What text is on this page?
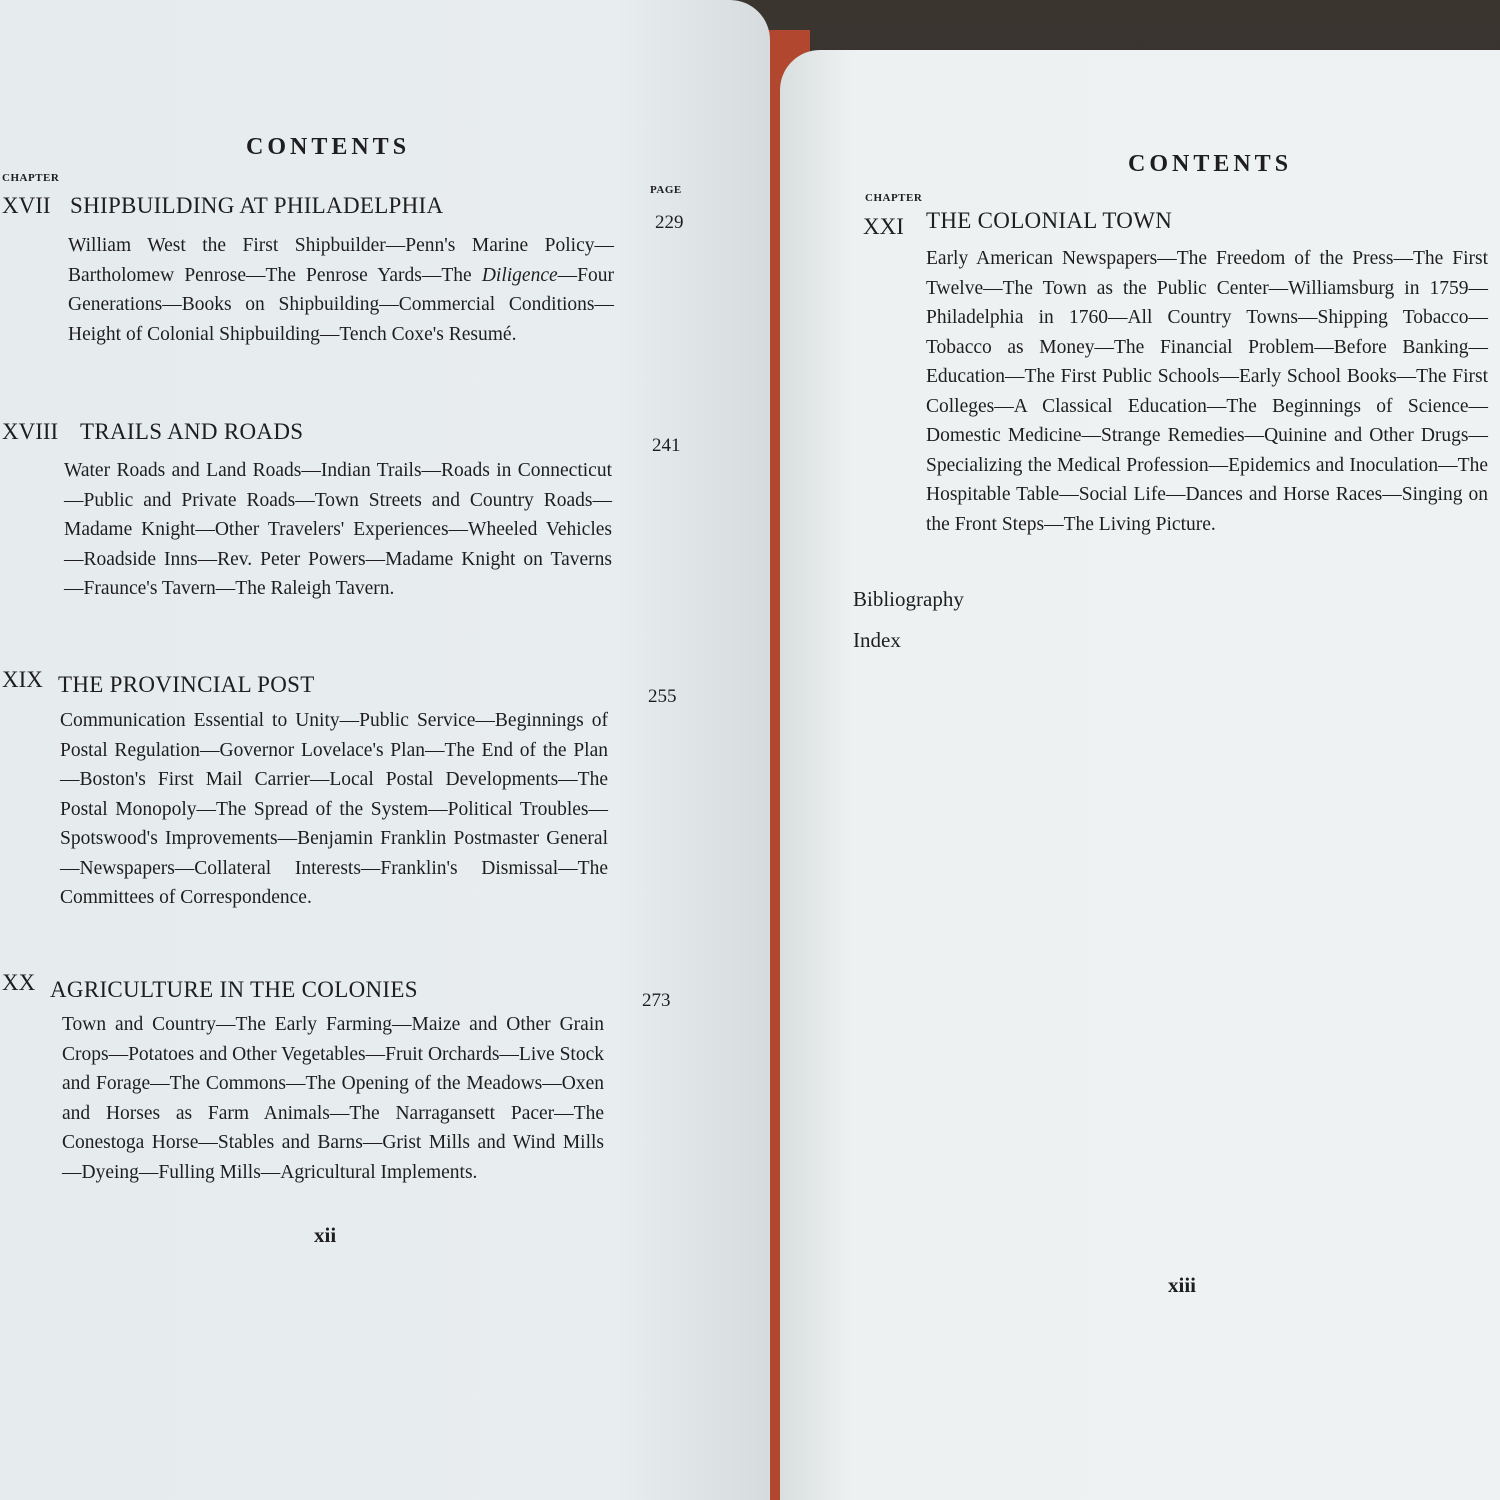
CONTENTS
CHAPTER
PAGE
XVII SHIPBUILDING AT PHILADELPHIA
229
William West the First Shipbuilder—Penn's Marine Policy—Bartholomew Penrose—The Penrose Yards—The Diligence—Four Generations—Books on Shipbuilding—Commercial Conditions—Height of Colonial Shipbuilding—Tench Coxe's Resumé.
XVIII TRAILS AND ROADS
241
Water Roads and Land Roads—Indian Trails—Roads in Connecticut—Public and Private Roads—Town Streets and Country Roads—Madame Knight—Other Travelers' Experiences—Wheeled Vehicles—Roadside Inns—Rev. Peter Powers—Madame Knight on Taverns—Fraunce's Tavern—The Raleigh Tavern.
XIX THE PROVINCIAL POST	255
Communication Essential to Unity—Public Service—Beginnings of Postal Regulation—Governor Lovelace's Plan—The End of the Plan—Boston's First Mail Carrier—Local Postal Developments—The Postal Monopoly—The Spread of the System—Political Troubles—Spotswood's Improvements—Benjamin Franklin Postmaster General—Newspapers—Collateral Interests—Franklin's Dismissal—The Committees of Correspondence.
XX AGRICULTURE IN THE COLONIES	273
Town and Country—The Early Farming—Maize and Other Grain Crops—Potatoes and Other Vegetables—Fruit Orchards—Live Stock and Forage—The Commons—The Opening of the Meadows—Oxen and Horses as Farm Animals—The Narragansett Pacer—The Conestoga Horse—Stables and Barns—Grist Mills and Wind Mills—Dyeing—Fulling Mills—Agricultural Implements.
xii
CONTENTS
CHAPTER
XXI THE COLONIAL TOWN
Early American Newspapers—The Freedom of the Press—The First Twelve—The Town as the Public Center—Williamsburg in 1759—Philadelphia in 1760—All Country Towns—Shipping Tobacco—Tobacco as Money—The Financial Problem—Before Banking—Education—The First Public Schools—Early School Books—The First Colleges—A Classical Education—The Beginnings of Science—Domestic Medicine—Strange Remedies—Quinine and Other Drugs—Specializing the Medical Profession—Epidemics and Inoculation—The Hospitable Table—Social Life—Dances and Horse Races—Singing on the Front Steps—The Living Picture.
Bibliography
Index
xiii
